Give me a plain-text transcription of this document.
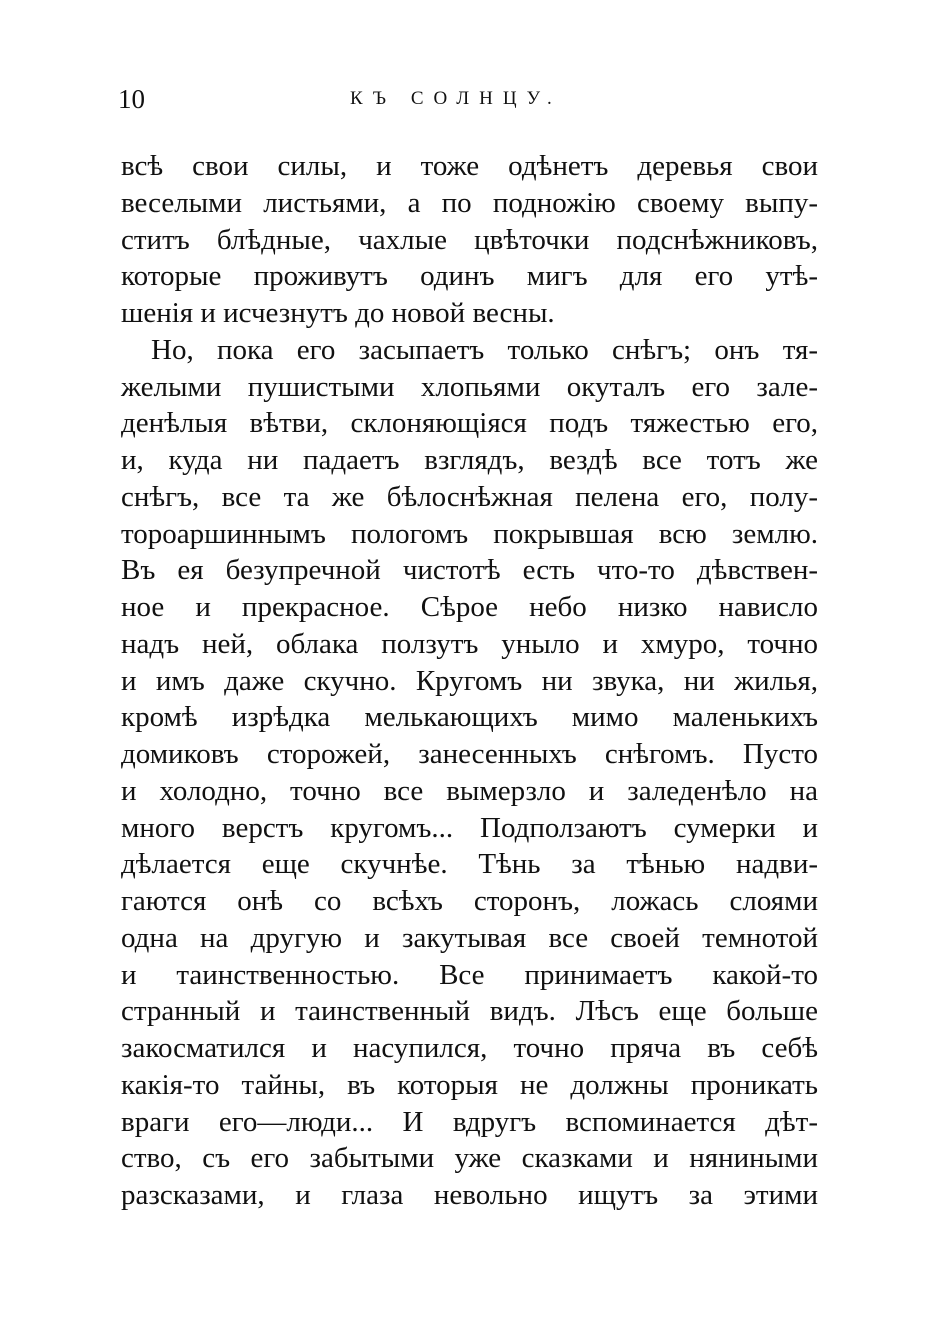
10	КЪ СОЛНЦУ.
всѣ свои силы, и тоже одѣнетъ деревья свои
веселыми листьями, а по подножію своему выпу-
ститъ блѣдные, чахлые цвѣточки подснѣжниковъ,
которые проживутъ одинъ мигъ для его утѣ-
шенія и исчезнутъ до новой весны.
Но, пока его засыпаетъ только снѣгъ; онъ тя-
желыми пушистыми хлопьями окуталъ его зале-
денѣлыя вѣтви, склоняющіяся подъ тяжестью его,
и, куда ни падаетъ взглядъ, вездѣ все тотъ же
снѣгъ, все та же бѣлоснѣжная пелена его, полу-
тороаршиннымъ пологомъ покрывшая всю землю.
Въ ея безупречной чистотѣ есть что-то дѣвствен-
ное и прекрасное. Сѣрое небо низко нависло
надъ ней, облака ползутъ уныло и хмуро, точно
и имъ даже скучно. Кругомъ ни звука, ни жилья,
кромѣ изрѣдка мелькающихъ мимо маленькихъ
домиковъ сторожей, занесенныхъ снѣгомъ. Пусто
и холодно, точно все вымерзло и заледенѣло на
много верстъ кругомъ... Подползаютъ сумерки и
дѣлается еще скучнѣе. Тѣнь за тѣнью надви-
гаются онѣ со всѣхъ сторонъ, ложась слоями
одна на другую и закутывая все своей темнотой
и таинственностью. Все принимаетъ какой-то
странный и таинственный видъ. Лѣсъ еще больше
закосматился и насупился, точно пряча въ себѣ
какія-то тайны, въ которыя не должны проникать
враги его—люди... И вдругъ вспоминается дѣт-
ство, съ его забытыми уже сказками и няниными
разсказами, и глаза невольно ищутъ за этими
